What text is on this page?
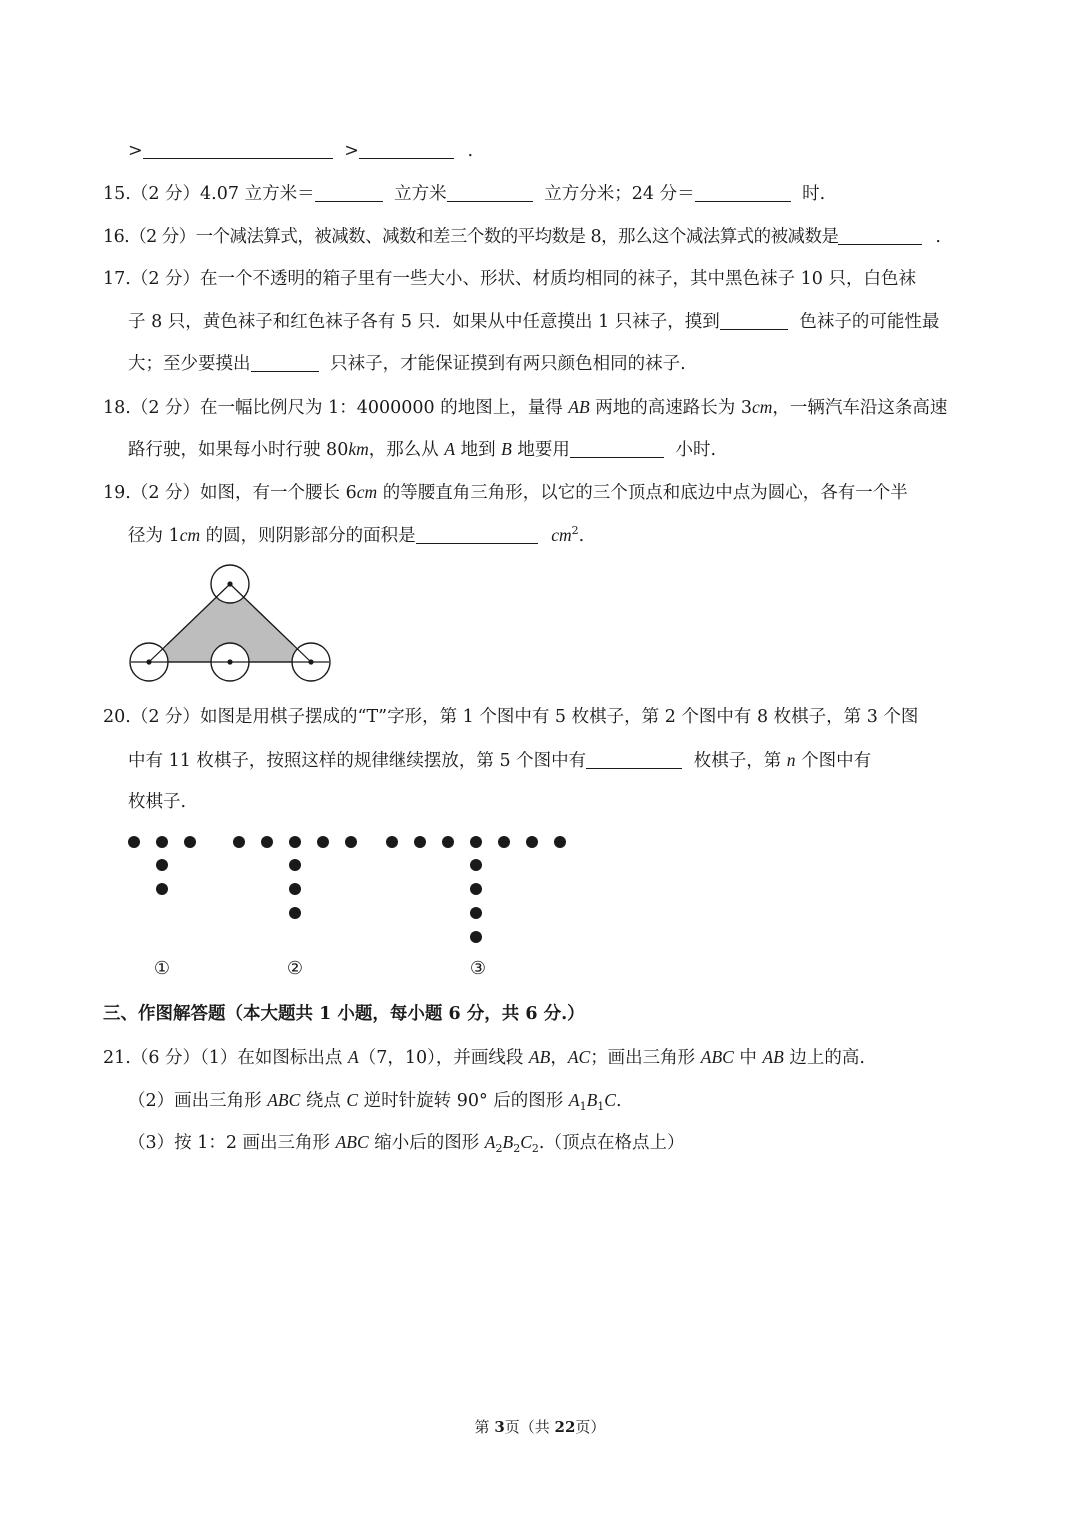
>	>	.
15.（2 分）4.07 立方米＝	立方米	立方分米；24 分＝	时.
16.（2 分）一个减法算式，被减数、减数和差三个数的平均数是 8，那么这个减法算式的被减数是	.
17.（2 分）在一个不透明的箱子里有一些大小、形状、材质均相同的袜子，其中黑色袜子 10 只，白色袜
子 8 只，黄色袜子和红色袜子各有 5 只．如果从中任意摸出 1 只袜子，摸到	色袜子的可能性最
大；至少要摸出	只袜子，才能保证摸到有两只颜色相同的袜子.
18.（2 分）在一幅比例尺为 1：4000000 的地图上，量得 AB 两地的高速路长为 3cm，一辆汽车沿这条高速
路行驶，如果每小时行驶 80km，那么从 A 地到 B 地要用	小时.
19.（2 分）如图，有一个腰长 6cm 的等腰直角三角形，以它的三个顶点和底边中点为圆心，各有一个半
径为 1cm 的圆，则阴影部分的面积是	$cm^2$.
20.（2 分）如图是用棋子摆成的“T”字形，第 1 个图中有 5 枚棋子，第 2 个图中有 8 枚棋子，第 3 个图
中有 11 枚棋子，按照这样的规律继续摆放，第 5 个图中有	枚棋子，第 n 个图中有
枚棋子.
①	②	③
三、作图解答题（本大题共 1 小题，每小题 6 分，共 6 分.）
21.（6 分）（1）在如图标出点 A（7，10），并画线段 AB，AC；画出三角形 ABC 中 AB 边上的高.
（2）画出三角形 ABC 绕点 C 逆时针旋转 90° 后的图形 $A_1B_1C$.
（3）按 1：2 画出三角形 ABC 缩小后的图形 $A_2B_2C_2$.（顶点在格点上）
第 3页（共 22页）
